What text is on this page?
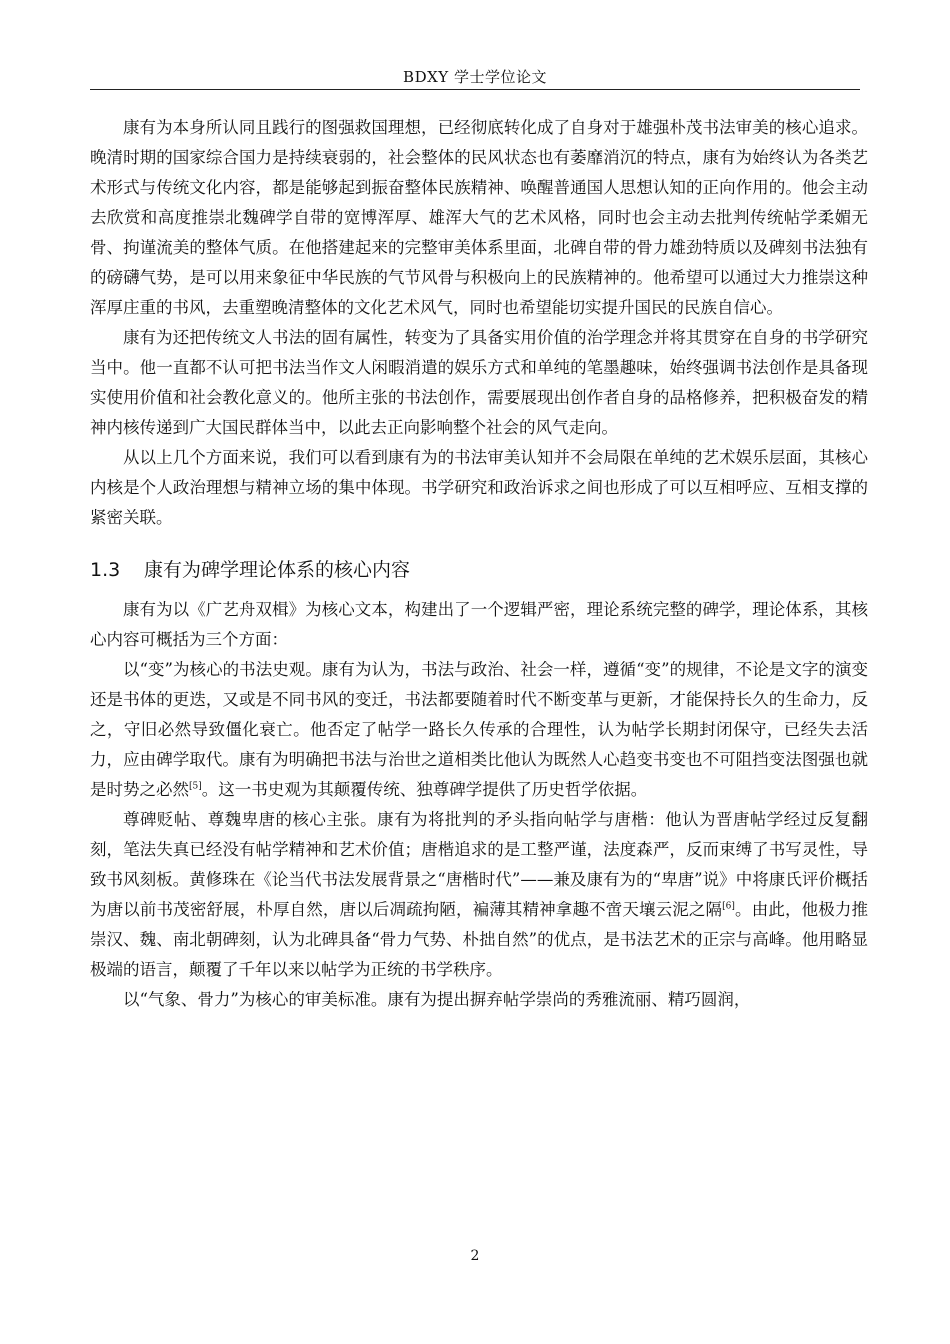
BDXY 学士学位论文

康有为本身所认同且践行的图强救国理想，已经彻底转化成了自身对于雄强朴茂书法审美的核心追求。晚清时期的国家综合国力是持续衰弱的，社会整体的民风状态也有萎靡消沉的特点，康有为始终认为各类艺术形式与传统文化内容，都是能够起到振奋整体民族精神、唤醒普通国人思想认知的正向作用的。他会主动去欣赏和高度推崇北魏碑学自带的宽博浑厚、雄浑大气的艺术风格，同时也会主动去批判传统帖学柔媚无骨、拘谨流美的整体气质。在他搭建起来的完整审美体系里面，北碑自带的骨力雄劲特质以及碑刻书法独有的磅礴气势，是可以用来象征中华民族的气节风骨与积极向上的民族精神的。他希望可以通过大力推崇这种浑厚庄重的书风，去重塑晚清整体的文化艺术风气，同时也希望能切实提升国民的民族自信心。

康有为还把传统文人书法的固有属性，转变为了具备实用价值的治学理念并将其贯穿在自身的书学研究当中。他一直都不认可把书法当作文人闲暇消遣的娱乐方式和单纯的笔墨趣味，始终强调书法创作是具备现实使用价值和社会教化意义的。他所主张的书法创作，需要展现出创作者自身的品格修养，把积极奋发的精神内核传递到广大国民群体当中，以此去正向影响整个社会的风气走向。

从以上几个方面来说，我们可以看到康有为的书法审美认知并不会局限在单纯的艺术娱乐层面，其核心内核是个人政治理想与精神立场的集中体现。书学研究和政治诉求之间也形成了可以互相呼应、互相支撑的紧密关联。

1.3 康有为碑学理论体系的核心内容

康有为以《广艺舟双楫》为核心文本，构建出了一个逻辑严密，理论系统完整的碑学，理论体系，其核心内容可概括为三个方面：

以“变”为核心的书法史观。康有为认为，书法与政治、社会一样，遵循“变”的规律，不论是文字的演变还是书体的更迭，又或是不同书风的变迁，书法都要随着时代不断变革与更新，才能保持长久的生命力，反之，守旧必然导致僵化衰亡。他否定了帖学一路长久传承的合理性，认为帖学长期封闭保守，已经失去活力，应由碑学取代。康有为明确把书法与治世之道相类比他认为既然人心趋变书变也不可阻挡变法图强也就是时势之必然[5]。这一书史观为其颠覆传统、独尊碑学提供了历史哲学依据。

尊碑贬帖、尊魏卑唐的核心主张。康有为将批判的矛头指向帖学与唐楷：他认为晋唐帖学经过反复翻刻，笔法失真已经没有帖学精神和艺术价值；唐楷追求的是工整严谨，法度森严，反而束缚了书写灵性，导致书风刻板。黄修珠在《论当代书法发展背景之“唐楷时代”——兼及康有为的“卑唐”说》中将康氏评价概括为唐以前书茂密舒展，朴厚自然，唐以后凋疏拘陋，褊薄其精神拿趣不啻天壤云泥之隔[6]。由此，他极力推崇汉、魏、南北朝碑刻，认为北碑具备“骨力气势、朴拙自然”的优点，是书法艺术的正宗与高峰。他用略显极端的语言，颠覆了千年以来以帖学为正统的书学秩序。

以“气象、骨力”为核心的审美标准。康有为提出摒弃帖学崇尚的秀雅流丽、精巧圆润，

2
